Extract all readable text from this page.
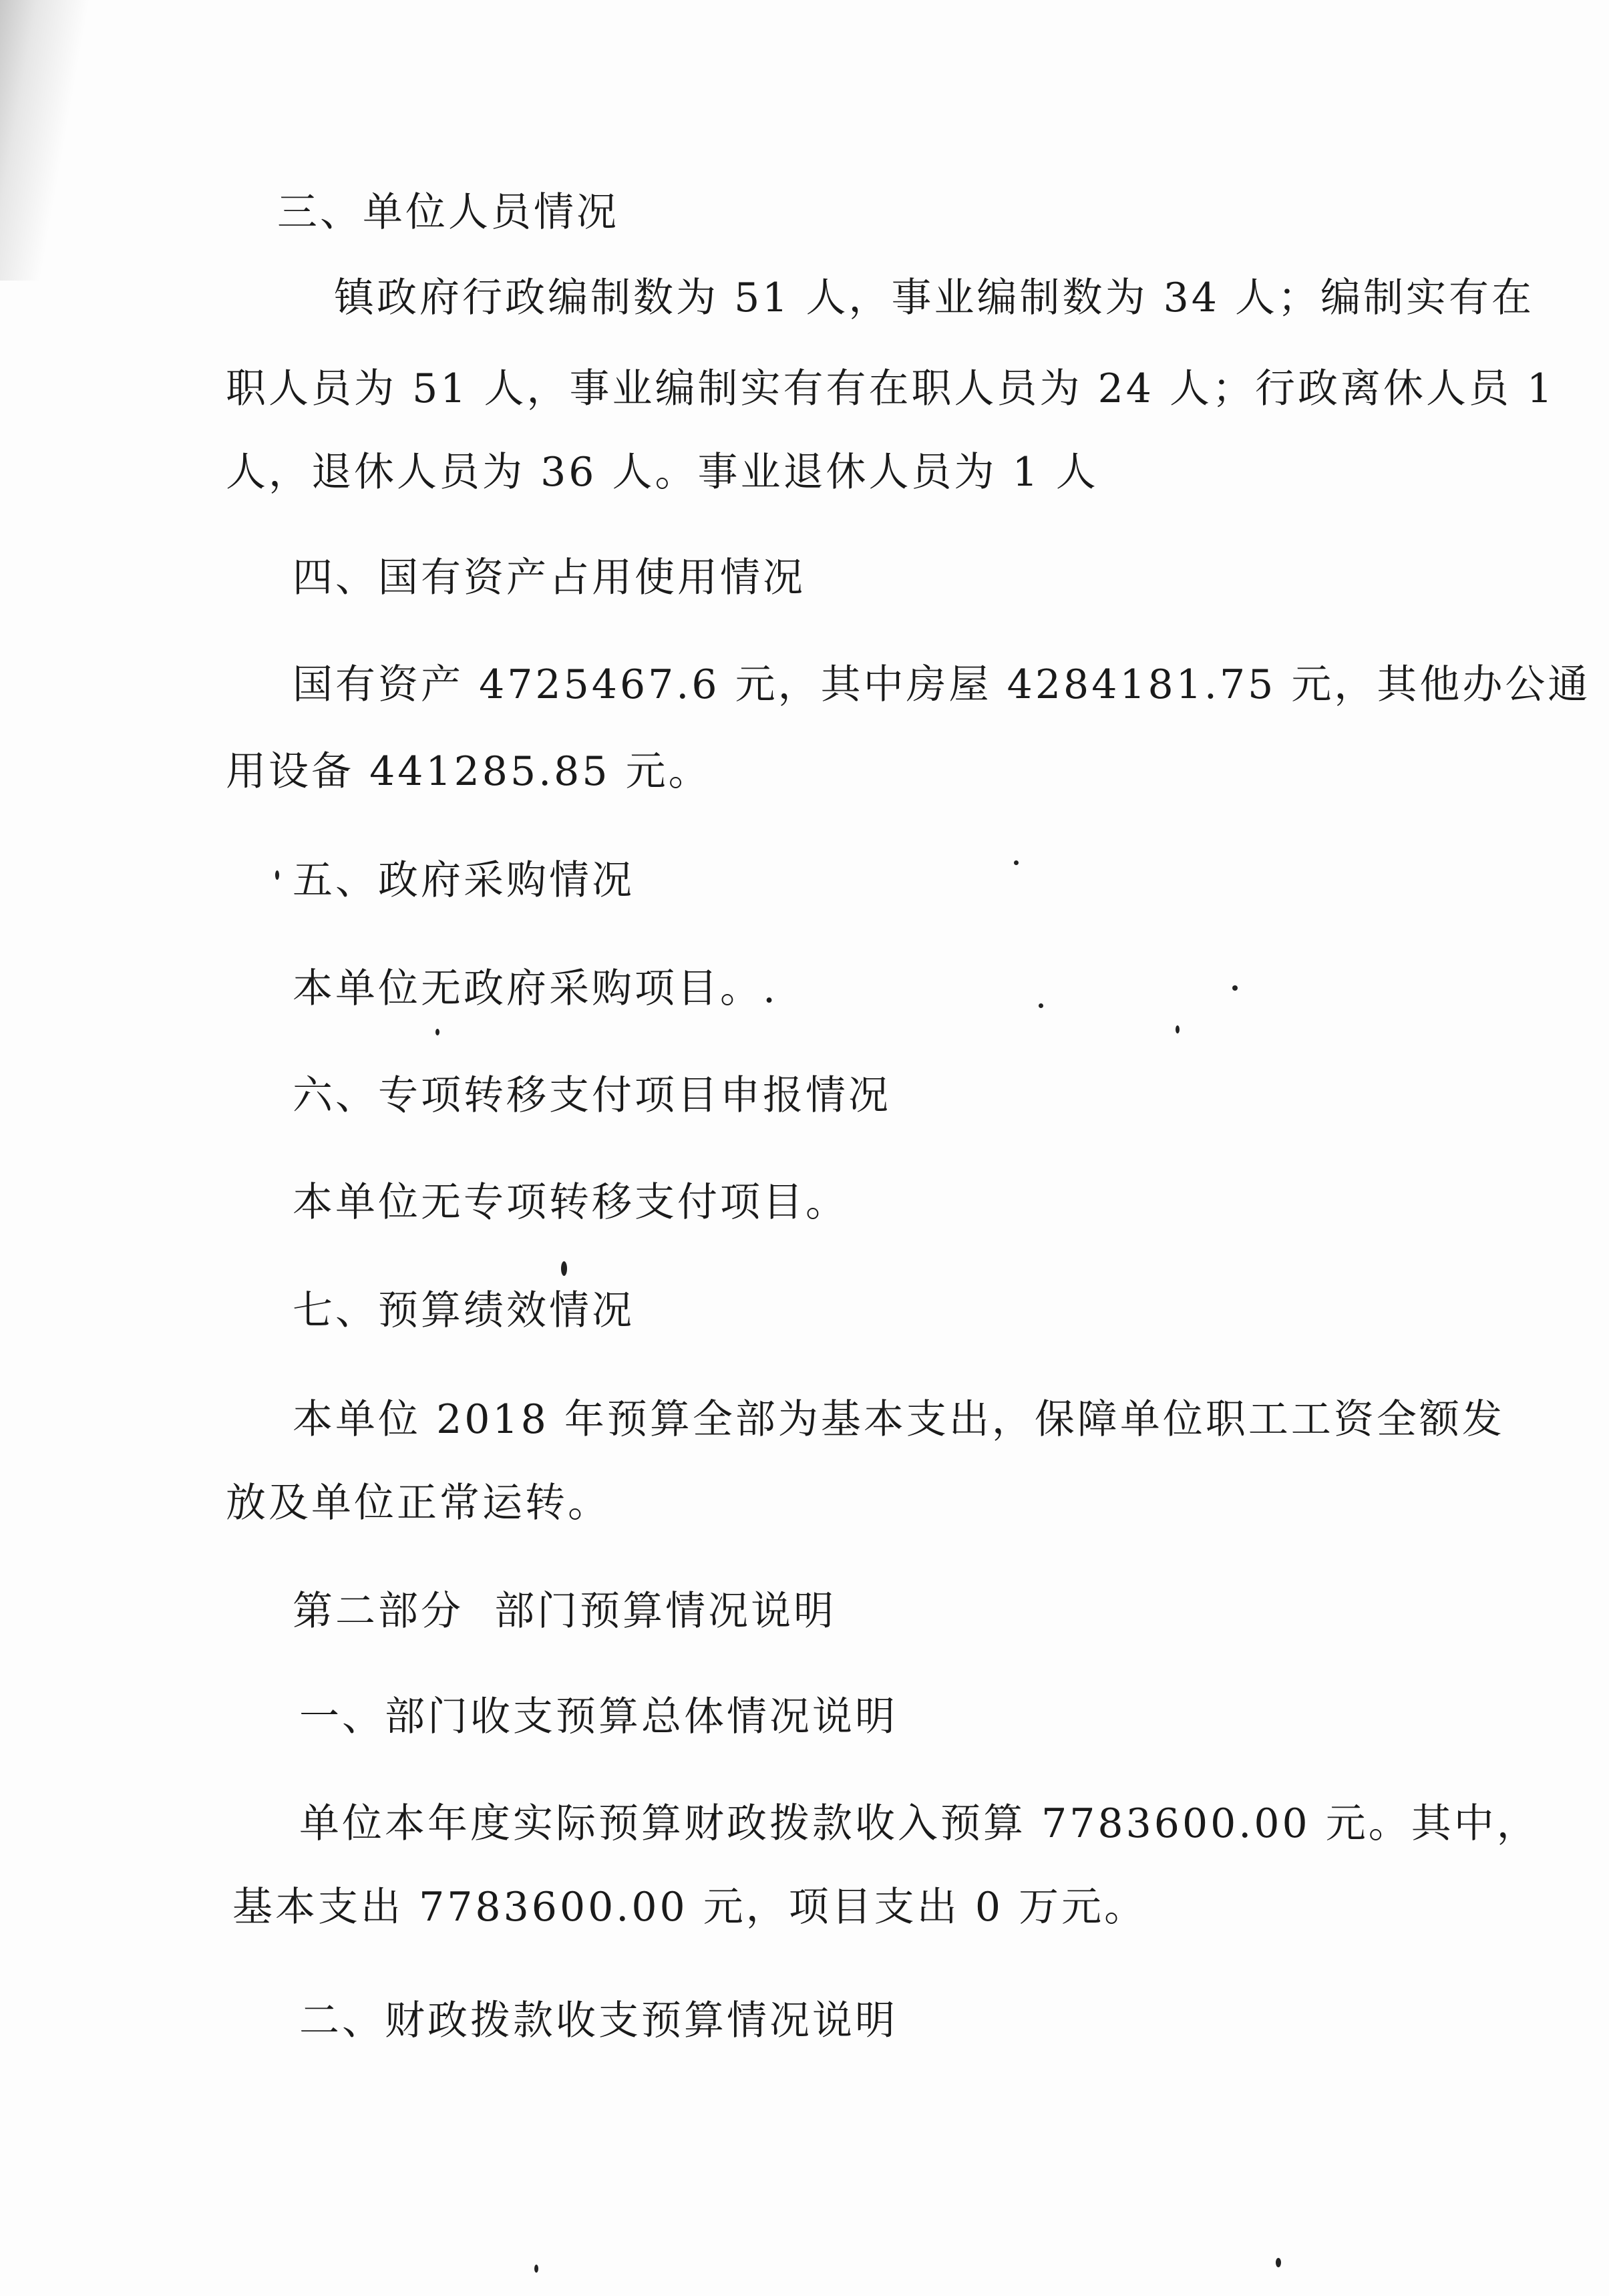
三、单位人员情况
镇政府行政编制数为 51 人，事业编制数为 34 人；编制实有在
职人员为 51 人，事业编制实有有在职人员为 24 人；行政离休人员 1
人，退休人员为 36 人。事业退休人员为 1 人
四、国有资产占用使用情况
国有资产 4725467.6 元，其中房屋 4284181.75 元，其他办公通
用设备 441285.85 元。
五、政府采购情况
本单位无政府采购项目。.
六、专项转移支付项目申报情况
本单位无专项转移支付项目。
七、预算绩效情况
本单位 2018 年预算全部为基本支出，保障单位职工工资全额发
放及单位正常运转。
第二部分  部门预算情况说明
一、部门收支预算总体情况说明
单位本年度实际预算财政拨款收入预算 7783600.00 元。其中，
基本支出 7783600.00 元，项目支出 0 万元。
二、财政拨款收支预算情况说明
